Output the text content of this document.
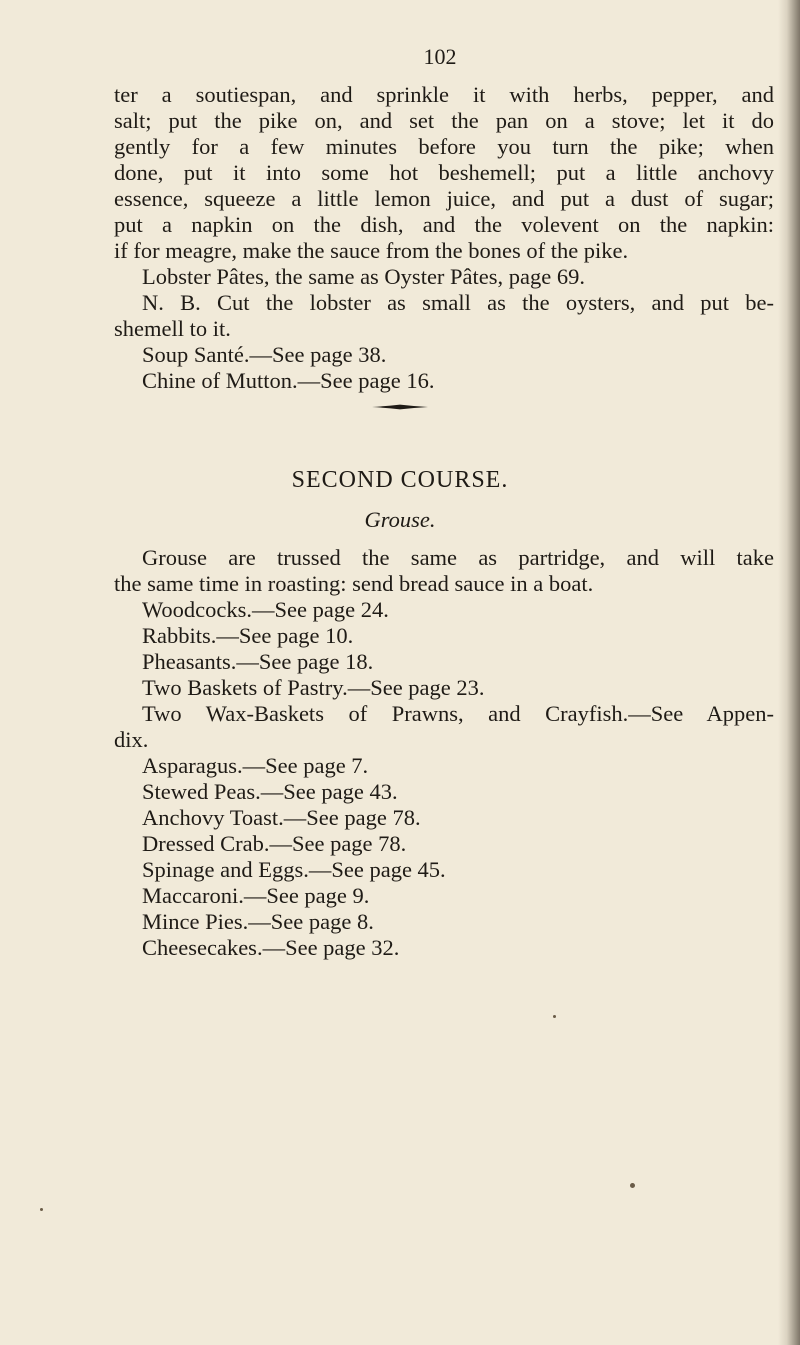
102
ter a soutiespan, and sprinkle it with herbs, pepper, and
salt; put the pike on, and set the pan on a stove; let it do
gently for a few minutes before you turn the pike; when
done, put it into some hot beshemell; put a little anchovy
essence, squeeze a little lemon juice, and put a dust of sugar;
put a napkin on the dish, and the volevent on the napkin:
if for meagre, make the sauce from the bones of the pike.
Lobster Pâtes, the same as Oyster Pâtes, page 69.
N. B. Cut the lobster as small as the oysters, and put be-
shemell to it.
Soup Santé.—See page 38.
Chine of Mutton.—See page 16.
SECOND COURSE.
Grouse.
Grouse are trussed the same as partridge, and will take
the same time in roasting: send bread sauce in a boat.
Woodcocks.—See page 24.
Rabbits.—See page 10.
Pheasants.—See page 18.
Two Baskets of Pastry.—See page 23.
Two Wax-Baskets of Prawns, and Crayfish.—See Appen-
dix.
Asparagus.—See page 7.
Stewed Peas.—See page 43.
Anchovy Toast.—See page 78.
Dressed Crab.—See page 78.
Spinage and Eggs.—See page 45.
Maccaroni.—See page 9.
Mince Pies.—See page 8.
Cheesecakes.—See page 32.
